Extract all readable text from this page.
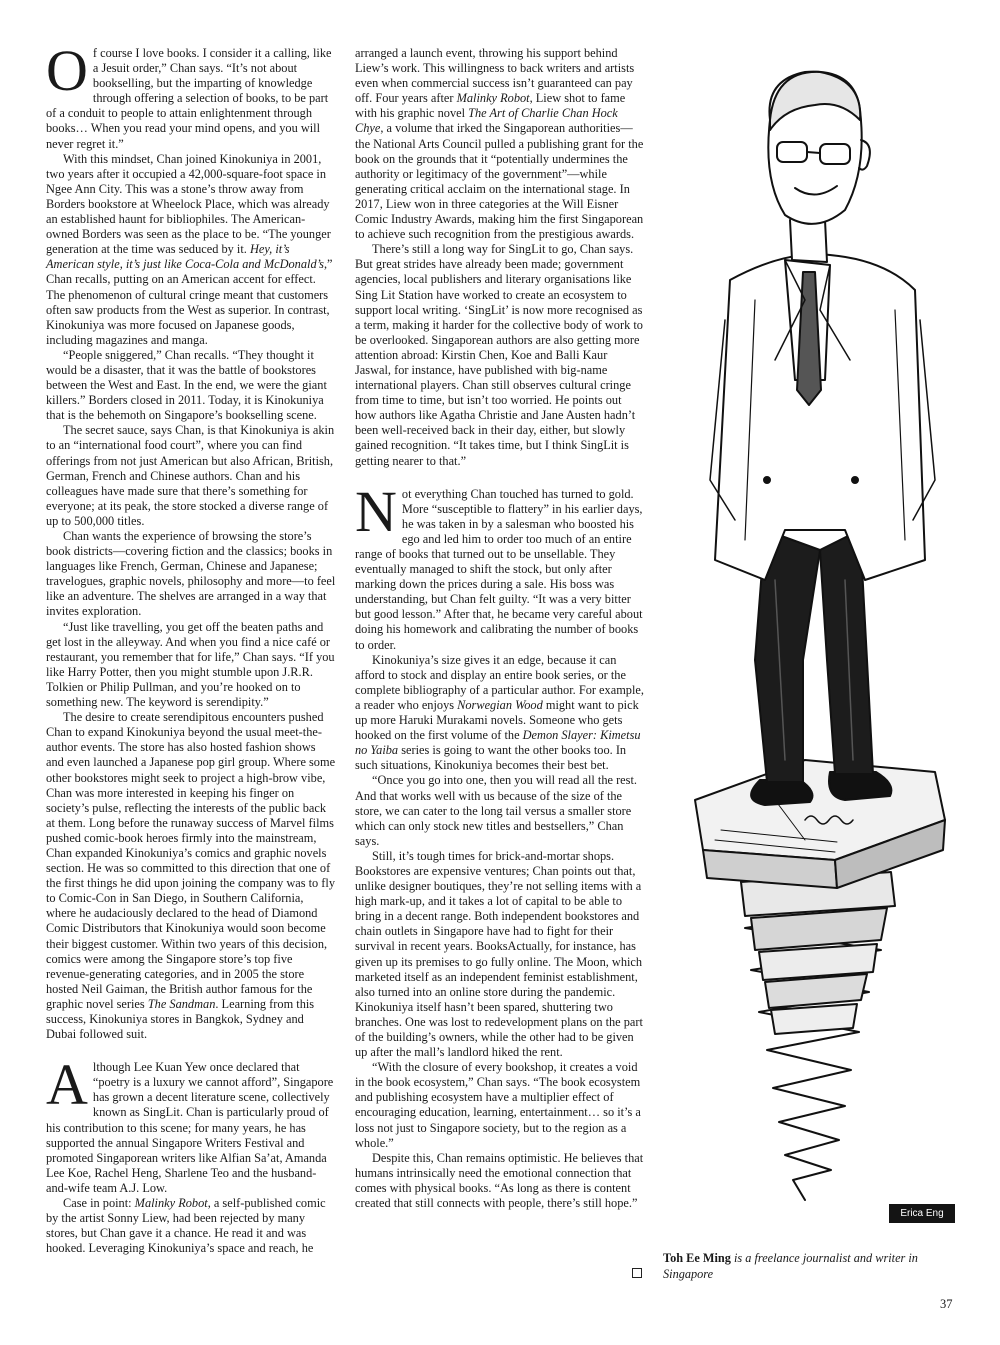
Of course I love books. I consider it a calling, like a Jesuit order,” Chan says. “It’s not about bookselling, but the imparting of knowledge through offering a selection of books, to be part of a conduit to people to attain enlightenment through books… When you read your mind opens, and you will never regret it.”

With this mindset, Chan joined Kinokuniya in 2001, two years after it occupied a 42,000-square-foot space in Ngee Ann City. This was a stone’s throw away from Borders bookstore at Wheelock Place, which was already an established haunt for bibliophiles. The American-owned Borders was seen as the place to be. “The younger generation at the time was seduced by it. Hey, it’s American style, it’s just like Coca-Cola and McDonald’s,” Chan recalls, putting on an American accent for effect. The phenomenon of cultural cringe meant that customers often saw products from the West as superior. In contrast, Kinokuniya was more focused on Japanese goods, including magazines and manga.

“People sniggered,” Chan recalls. “They thought it would be a disaster, that it was the battle of bookstores between the West and East. In the end, we were the giant killers.” Borders closed in 2011. Today, it is Kinokuniya that is the behemoth on Singapore’s bookselling scene.

The secret sauce, says Chan, is that Kinokuniya is akin to an “international food court”, where you can find offerings from not just American but also African, British, German, French and Chinese authors. Chan and his colleagues have made sure that there’s something for everyone; at its peak, the store stocked a diverse range of up to 500,000 titles.

Chan wants the experience of browsing the store’s book districts—covering fiction and the classics; books in languages like French, German, Chinese and Japanese; travelogues, graphic novels, philosophy and more—to feel like an adventure. The shelves are arranged in a way that invites exploration.

“Just like travelling, you get off the beaten paths and get lost in the alleyway. And when you find a nice café or restaurant, you remember that for life,” Chan says. “If you like Harry Potter, then you might stumble upon J.R.R. Tolkien or Philip Pullman, and you’re hooked on to something new. The keyword is serendipity.”

The desire to create serendipitous encounters pushed Chan to expand Kinokuniya beyond the usual meet-the-author events. The store has also hosted fashion shows and even launched a Japanese pop girl group. Where some other bookstores might seek to project a high-brow vibe, Chan was more interested in keeping his finger on society’s pulse, reflecting the interests of the public back at them. Long before the runaway success of Marvel films pushed comic-book heroes firmly into the mainstream, Chan expanded Kinokuniya’s comics and graphic novels section. He was so committed to this direction that one of the first things he did upon joining the company was to fly to Comic-Con in San Diego, in Southern California, where he audaciously declared to the head of Diamond Comic Distributors that Kinokuniya would soon become their biggest customer. Within two years of this decision, comics were among the Singapore store’s top five revenue-generating categories, and in 2005 the store hosted Neil Gaiman, the British author famous for the graphic novel series The Sandman. Learning from this success, Kinokuniya stores in Bangkok, Sydney and Dubai followed suit.

Although Lee Kuan Yew once declared that “poetry is a luxury we cannot afford”, Singapore has grown a decent literature scene, collectively known as SingLit. Chan is particularly proud of his contribution to this scene; for many years, he has supported the annual Singapore Writers Festival and promoted Singaporean writers like Alfian Sa’at, Amanda Lee Koe, Rachel Heng, Sharlene Teo and the husband-and-wife team A.J. Low.

Case in point: Malinky Robot, a self-published comic by the artist Sonny Liew, had been rejected by many stores, but Chan gave it a chance. He read it and was hooked. Leveraging Kinokuniya’s space and reach, he

arranged a launch event, throwing his support behind Liew’s work. This willingness to back writers and artists even when commercial success isn’t guaranteed can pay off. Four years after Malinky Robot, Liew shot to fame with his graphic novel The Art of Charlie Chan Hock Chye, a volume that irked the Singaporean authorities—the National Arts Council pulled a publishing grant for the book on the grounds that it “potentially undermines the authority or legitimacy of the government”—while generating critical acclaim on the international stage. In 2017, Liew won in three categories at the Will Eisner Comic Industry Awards, making him the first Singaporean to achieve such recognition from the prestigious awards.

There’s still a long way for SingLit to go, Chan says. But great strides have already been made; government agencies, local publishers and literary organisations like Sing Lit Station have worked to create an ecosystem to support local writing. ‘SingLit’ is now more recognised as a term, making it harder for the collective body of work to be overlooked. Singaporean authors are also getting more attention abroad: Kirstin Chen, Koe and Balli Kaur Jaswal, for instance, have published with big-name international players. Chan still observes cultural cringe from time to time, but isn’t too worried. He points out how authors like Agatha Christie and Jane Austen hadn’t been well-received back in their day, either, but slowly gained recognition. “It takes time, but I think SingLit is getting nearer to that.”

Not everything Chan touched has turned to gold. More “susceptible to flattery” in his earlier days, he was taken in by a salesman who boosted his ego and led him to order too much of an entire range of books that turned out to be unsellable. They eventually managed to shift the stock, but only after marking down the prices during a sale. His boss was understanding, but Chan felt guilty. “It was a very bitter but good lesson.” After that, he became very careful about doing his homework and calibrating the number of books to order.

Kinokuniya’s size gives it an edge, because it can afford to stock and display an entire book series, or the complete bibliography of a particular author. For example, a reader who enjoys Norwegian Wood might want to pick up more Haruki Murakami novels. Someone who gets hooked on the first volume of the Demon Slayer: Kimetsu no Yaiba series is going to want the other books too. In such situations, Kinokuniya becomes their best bet.

“Once you go into one, then you will read all the rest. And that works well with us because of the size of the store, we can cater to the long tail versus a smaller store which can only stock new titles and bestsellers,” Chan says.

Still, it’s tough times for brick-and-mortar shops. Bookstores are expensive ventures; Chan points out that, unlike designer boutiques, they’re not selling items with a high mark-up, and it takes a lot of capital to be able to bring in a decent range. Both independent bookstores and chain outlets in Singapore have had to fight for their survival in recent years. BooksActually, for instance, has given up its premises to go fully online. The Moon, which marketed itself as an independent feminist establishment, also turned into an online store during the pandemic. Kinokuniya itself hasn’t been spared, shuttering two branches. One was lost to redevelopment plans on the part of the building’s owners, while the other had to be given up after the mall’s landlord hiked the rent.

“With the closure of every bookshop, it creates a void in the book ecosystem,” Chan says. “The book ecosystem and publishing ecosystem have a multiplier effect of encouraging education, learning, entertainment… so it’s a loss not just to Singapore society, but to the region as a whole.”

Despite this, Chan remains optimistic. He believes that humans intrinsically need the emotional connection that comes with physical books. “As long as there is content created that still connects with people, there’s still hope.”

Erica Eng
Toh Ee Ming is a freelance journalist and writer in Singapore
37
